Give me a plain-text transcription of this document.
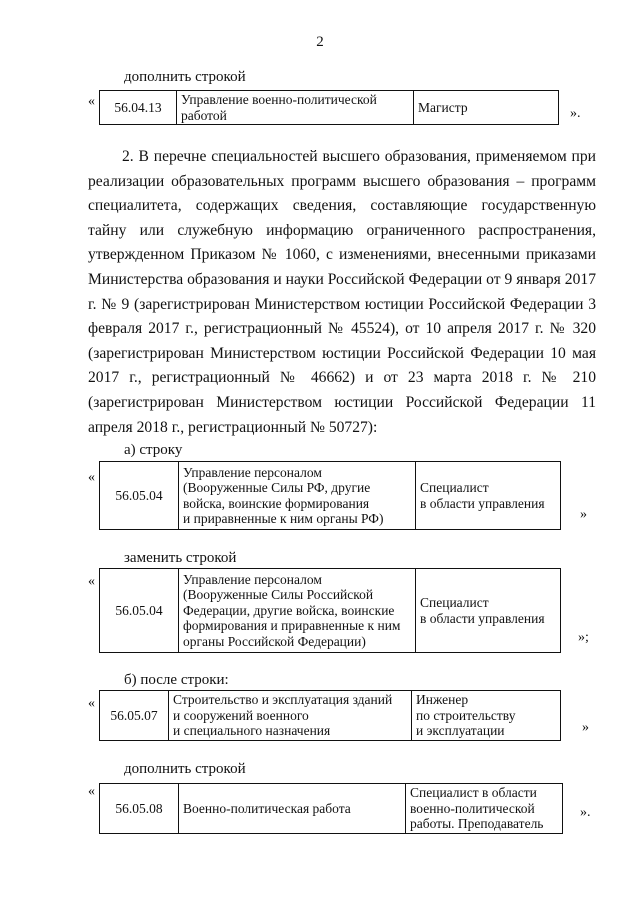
2
дополнить строкой
« 56.04.13	Управление военно-политической
работой	Магистр		».

2. В перечне специальностей высшего образования, применяемом при реализации образовательных программ высшего образования – программ специалитета, содержащих сведения, составляющие государственную тайну или служебную информацию ограниченного распространения, утвержденном Приказом № 1060, с изменениями, внесенными приказами Министерства образования и науки Российской Федерации от 9 января 2017 г. № 9 (зарегистрирован Министерством юстиции Российской Федерации 3 февраля 2017 г., регистрационный № 45524), от 10 апреля 2017 г. № 320 (зарегистрирован Министерством юстиции Российской Федерации 10 мая 2017 г., регистрационный № 46662) и от 23 марта 2018 г. № 210 (зарегистрирован Министерством юстиции Российской Федерации 11 апреля 2018 г., регистрационный № 50727):

а) строку
«
56.05.04	Управление персоналом
(Вооруженные Силы РФ, другие
войска, воинские формирования
и приравненные к ним органы РФ)	Специалист
в области управления	
»
заменить строкой
«
56.05.04	Управление персоналом
(Вооруженные Силы Российской
Федерации, другие войска, воинские
формирования и приравненные к ним
органы Российской Федерации)	Специалист
в области управления	
»;
б) после строки:
«
56.05.07	Строительство и эксплуатация зданий
и сооружений военного
и специального назначения	Инженер
по строительству
и эксплуатации		»
дополнить строкой
«
56.05.08	Военно-политическая работа	Специалист в области
военно-политической
работы. Преподаватель	
».
